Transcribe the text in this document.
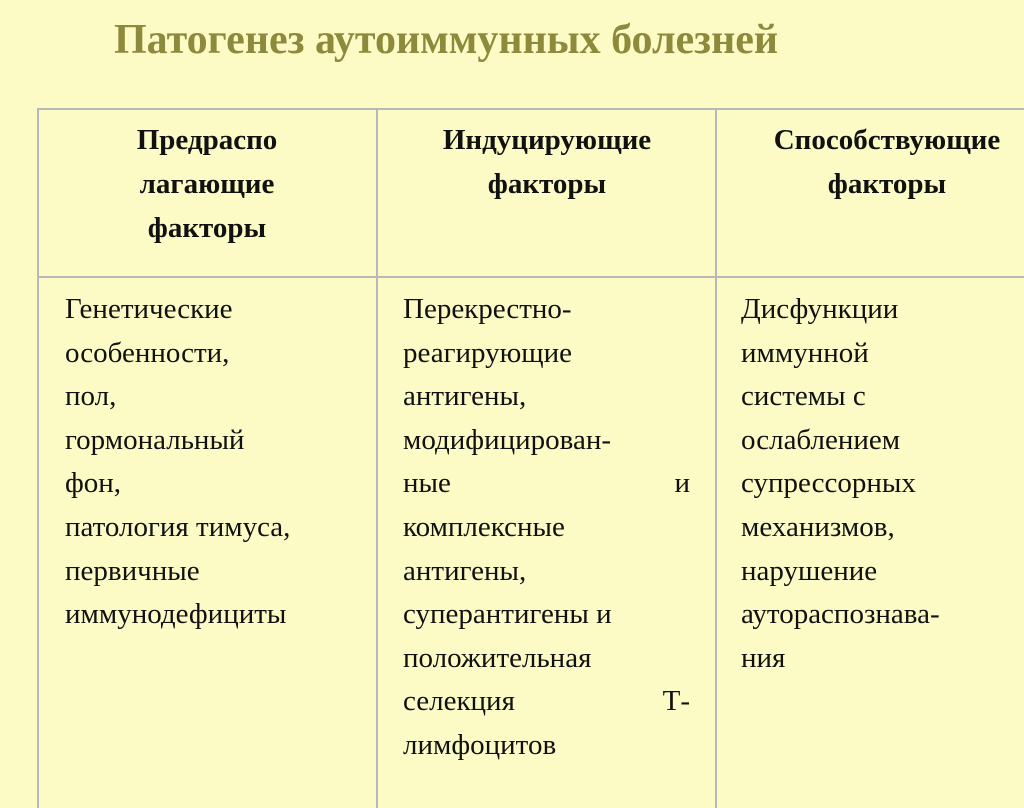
Патогенез аутоиммунных болезней
Предраспо
лагающие
факторы
Индуцирующие
факторы
Способствующие
факторы
Генетические
особенности,
пол,
гормональный
фон,
патология тимуса,
первичные
иммунодефициты
Перекрестно-
реагирующие
антигены,
модифицирован-
ные	и
комплексные
антигены,
суперантигены и
положительная
селекция	Т-
лимфоцитов
Дисфункции
иммунной
системы с
ослаблением
супрессорных
механизмов,
нарушение
ауторaспознава-
ния
